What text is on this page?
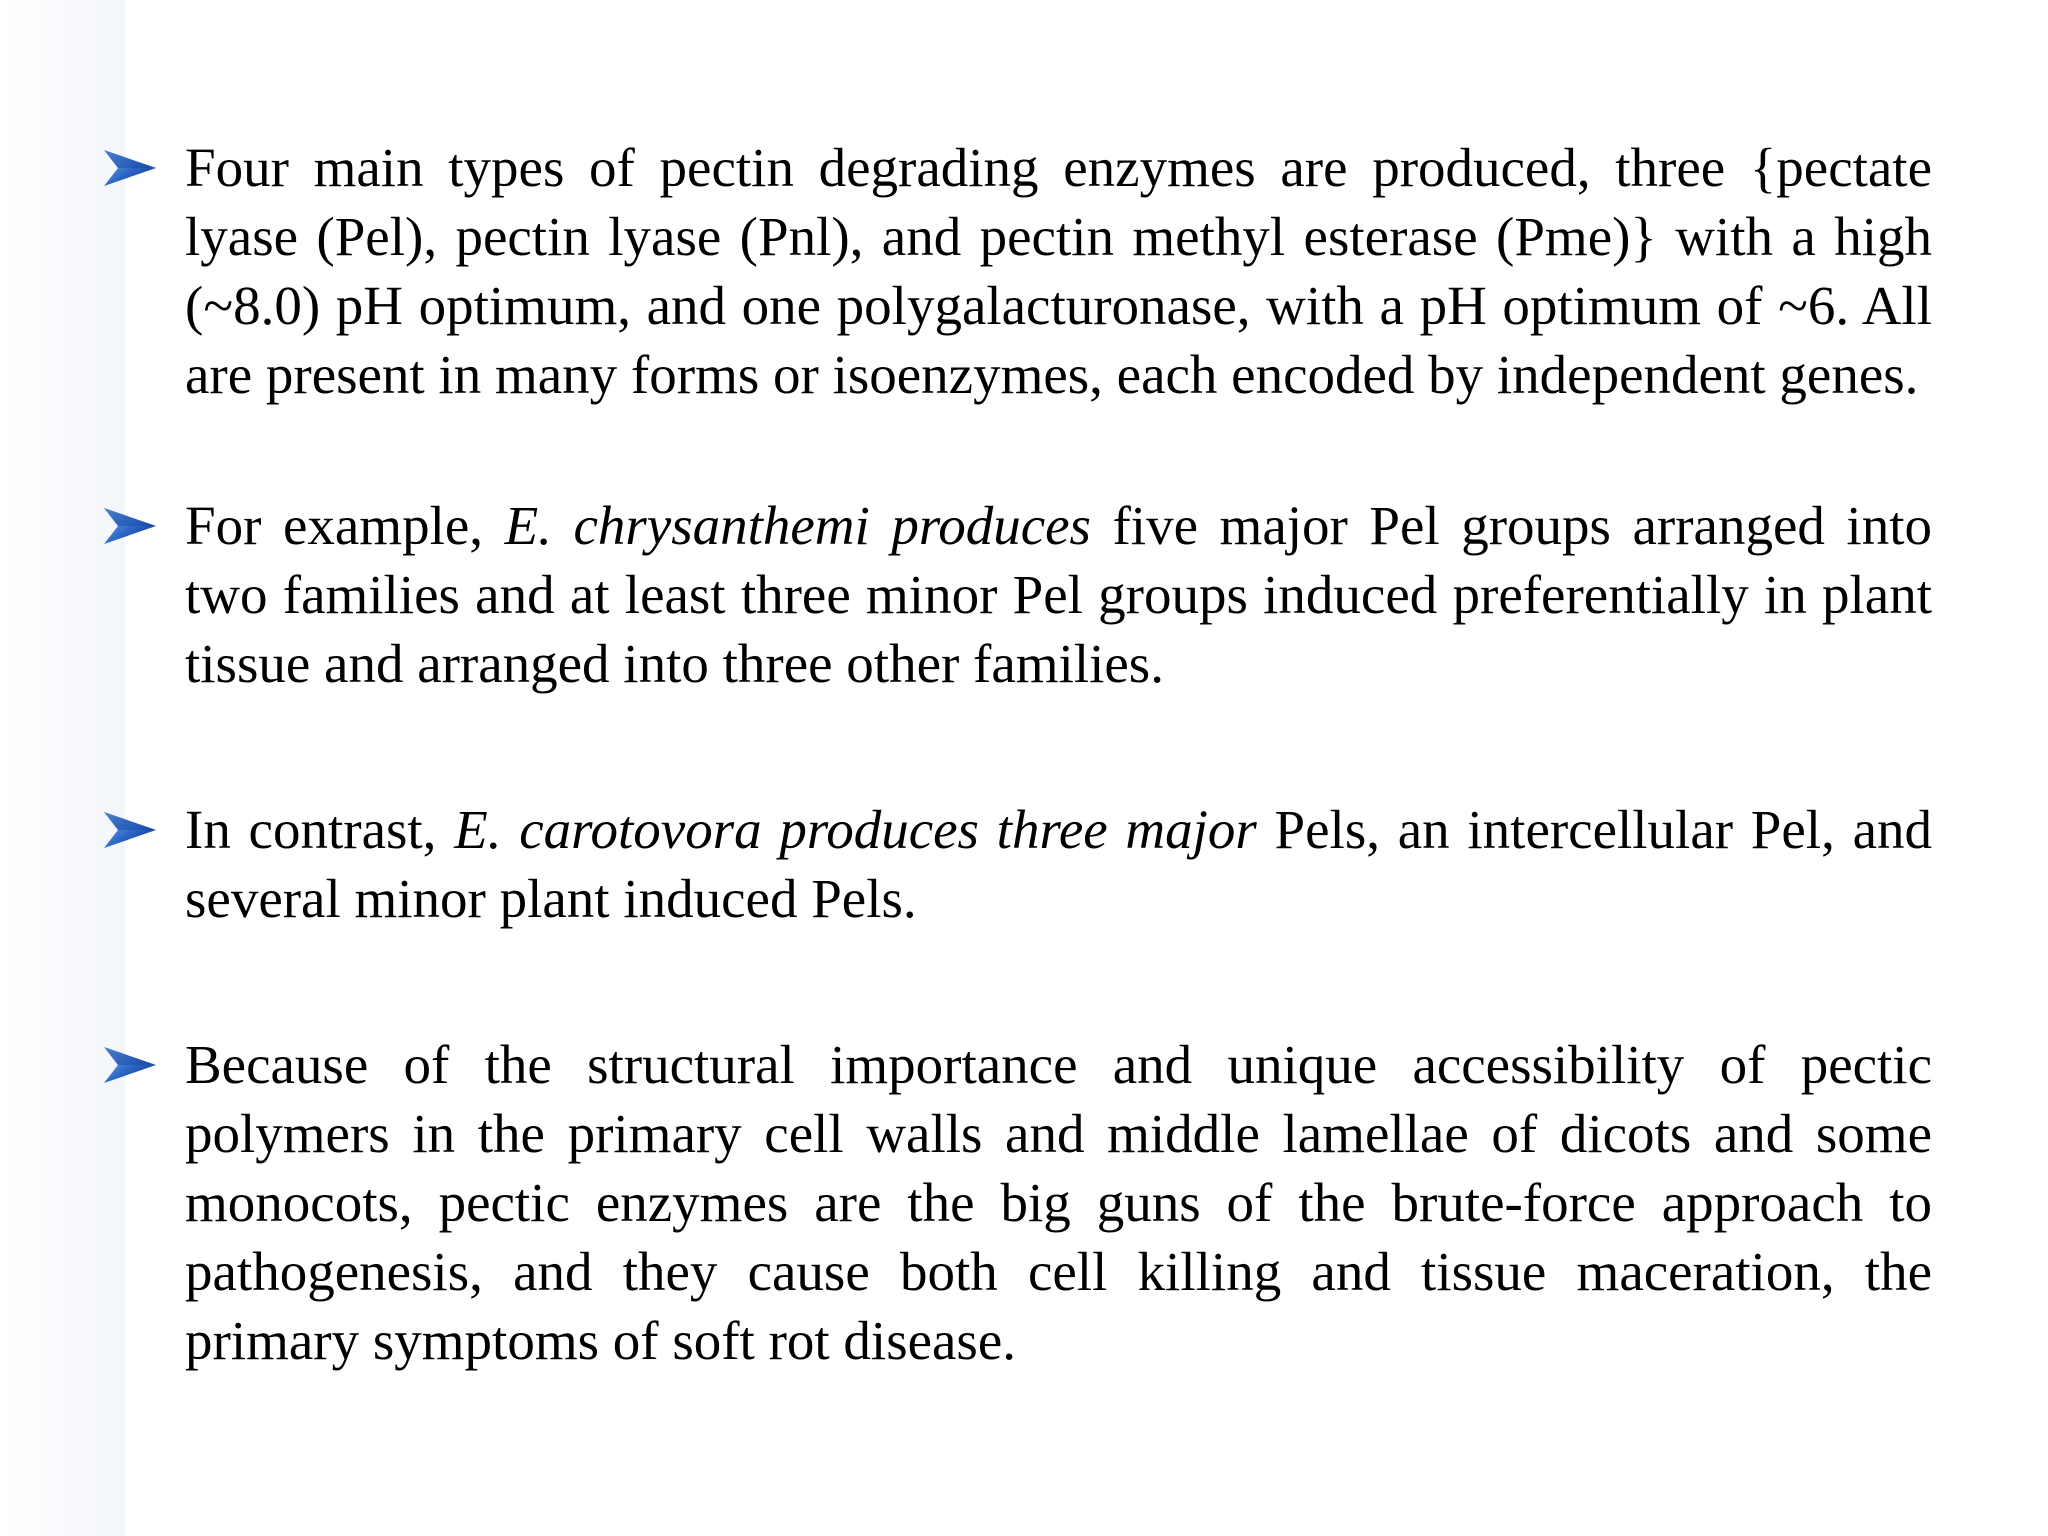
Four main types of pectin degrading enzymes are produced, three {pectate lyase (Pel), pectin lyase (Pnl), and pectin methyl esterase (Pme)} with a high (~8.0) pH optimum, and one polygalacturonase, with a pH optimum of ~6. All are present in many forms or isoenzymes, each encoded by independent genes.

For example, E. chrysanthemi produces five major Pel groups arranged into two families and at least three minor Pel groups induced preferentially in plant tissue and arranged into three other families.

In contrast, E. carotovora produces three major Pels, an intercellular Pel, and several minor plant induced Pels.

Because of the structural importance and unique accessibility of pectic polymers in the primary cell walls and middle lamellae of dicots and some monocots, pectic enzymes are the big guns of the brute-force approach to pathogenesis, and they cause both cell killing and tissue maceration, the primary symptoms of soft rot disease.
